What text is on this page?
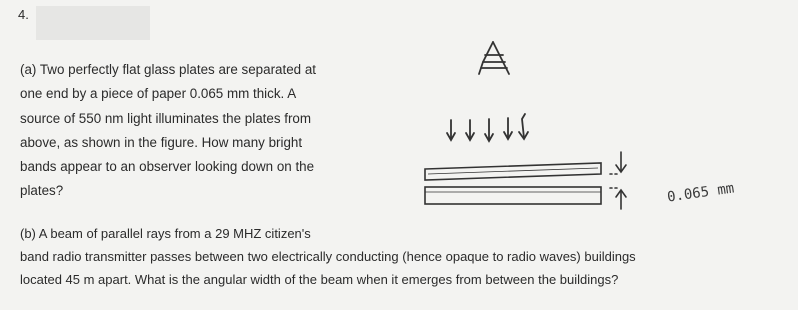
4.
(a) Two perfectly flat glass plates are separated at
one end by a piece of paper 0.065 mm thick. A
source of 550 nm light illuminates the plates from
above, as shown in the figure. How many bright
bands appear to an observer looking down on the
plates?	0.065 mm
(b) A beam of parallel rays from a 29 MHZ citizen's
band radio transmitter passes between two electrically conducting (hence opaque to radio waves) buildings
located 45 m apart. What is the angular width of the beam when it emerges from between the buildings?
